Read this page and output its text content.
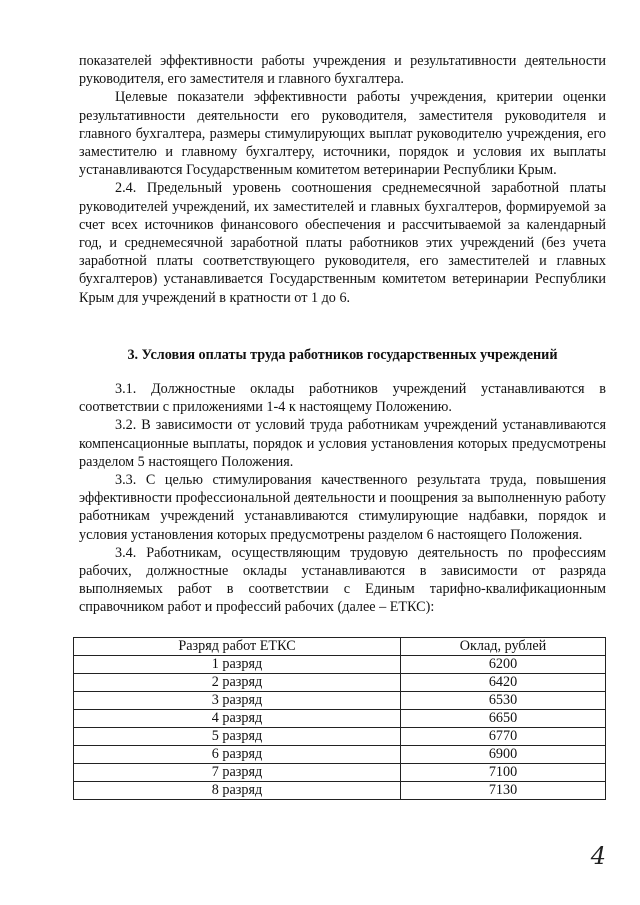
показателей эффективности работы учреждения и результативности деятельности руководителя, его заместителя и главного бухгалтера.

Целевые показатели эффективности работы учреждения, критерии оценки результативности деятельности его руководителя, заместителя руководителя и главного бухгалтера, размеры стимулирующих выплат руководителю учреждения, его заместителю и главному бухгалтеру, источники, порядок и условия их выплаты устанавливаются Государственным комитетом ветеринарии Республики Крым.

2.4. Предельный уровень соотношения среднемесячной заработной платы руководителей учреждений, их заместителей и главных бухгалтеров, формируемой за счет всех источников финансового обеспечения и рассчитываемой за календарный год, и среднемесячной заработной платы работников этих учреждений (без учета заработной платы соответствующего руководителя, его заместителей и главных бухгалтеров) устанавливается Государственным комитетом ветеринарии Республики Крым для учреждений в кратности от 1 до 6.

3. Условия оплаты труда работников государственных учреждений

3.1. Должностные оклады работников учреждений устанавливаются в соответствии с приложениями 1-4 к настоящему Положению.

3.2. В зависимости от условий труда работникам учреждений устанавливаются компенсационные выплаты, порядок и условия установления которых предусмотрены разделом 5 настоящего Положения.

3.3. С целью стимулирования качественного результата труда, повышения эффективности профессиональной деятельности и поощрения за выполненную работу работникам учреждений устанавливаются стимулирующие надбавки, порядок и условия установления которых предусмотрены разделом 6 настоящего Положения.

3.4. Работникам, осуществляющим трудовую деятельность по профессиям рабочих, должностные оклады устанавливаются в зависимости от разряда выполняемых работ в соответствии с Единым тарифно-квалификационным справочником работ и профессий рабочих (далее – ЕТКС):

Разряд работ ЕТКС	Оклад, рублей
1 разряд	6200
2 разряд	6420
3 разряд	6530
4 разряд	6650
5 разряд	6770
6 разряд	6900
7 разряд	7100
8 разряд	7130
4
